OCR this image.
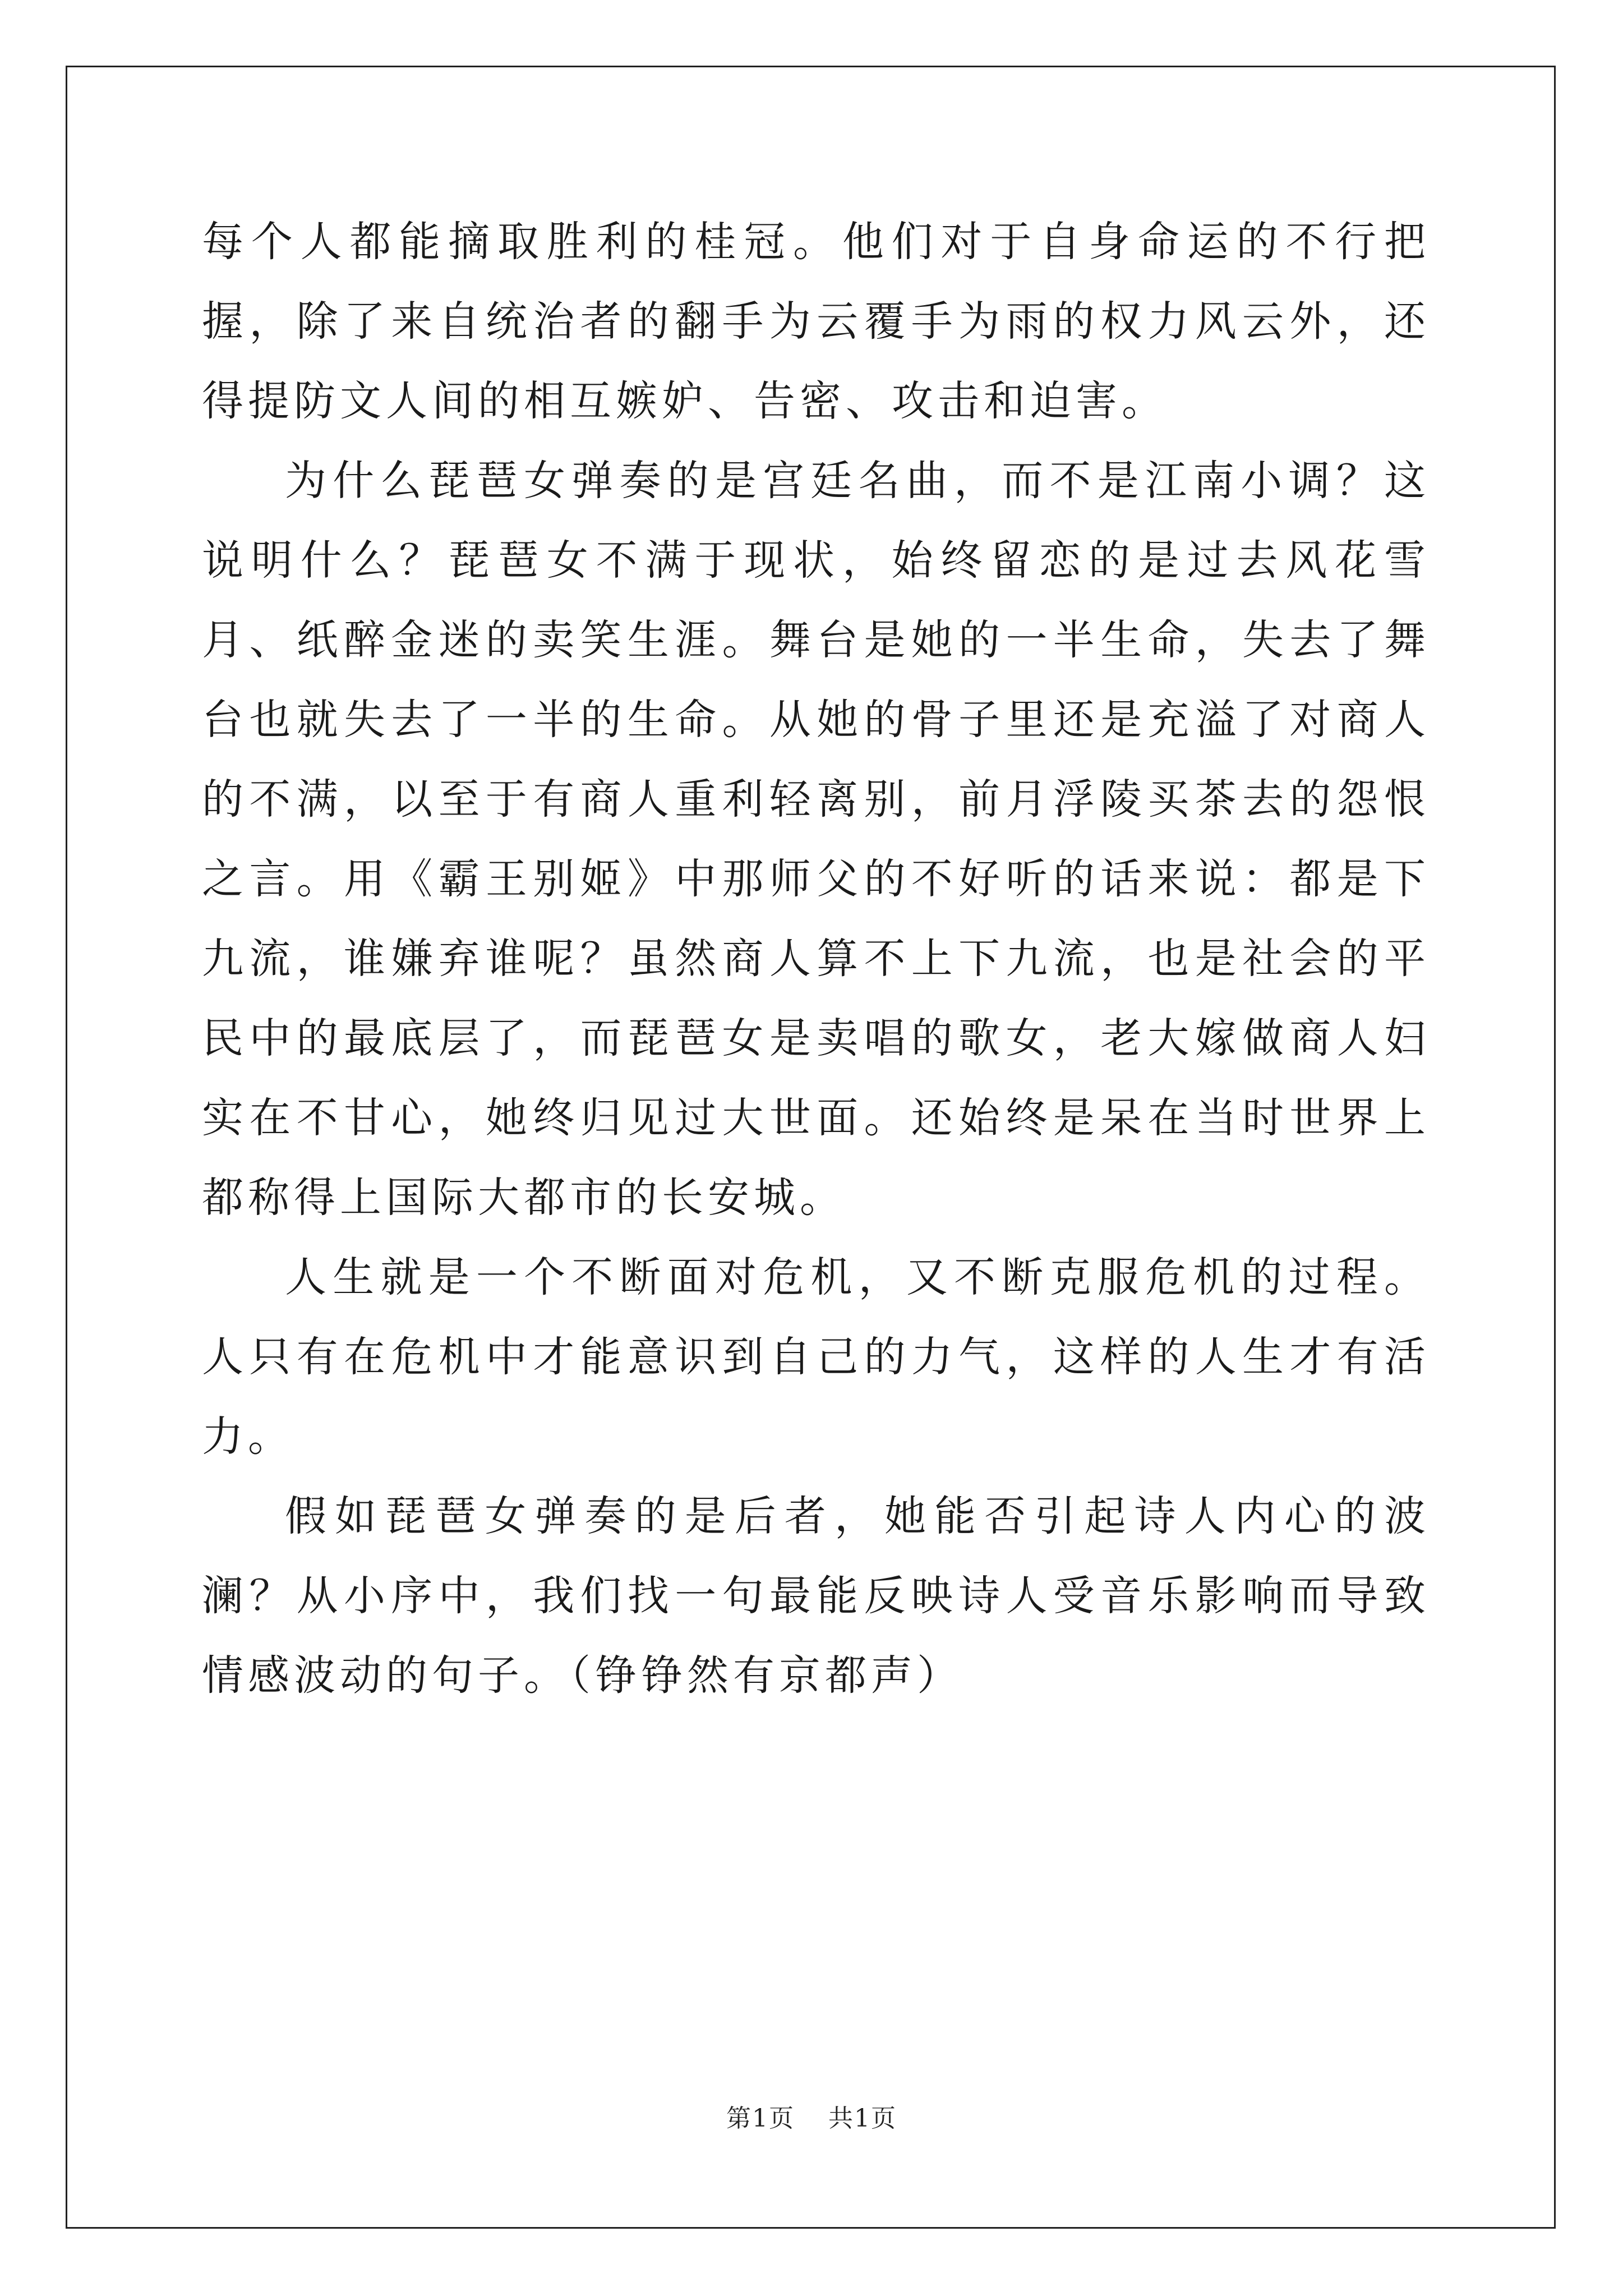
每个人都能摘取胜利的桂冠。他们对于自身命运的不行把握，除了来自统治者的翻手为云覆手为雨的权力风云外，还得提防文人间的相互嫉妒、告密、攻击和迫害。

为什么琵琶女弹奏的是宫廷名曲，而不是江南小调？这说明什么？琵琶女不满于现状，始终留恋的是过去风花雪月、纸醉金迷的卖笑生涯。舞台是她的一半生命，失去了舞台也就失去了一半的生命。从她的骨子里还是充溢了对商人的不满，以至于有商人重利轻离别，前月浮陵买茶去的怨恨之言。用《霸王别姬》中那师父的不好听的话来说：都是下九流，谁嫌弃谁呢？虽然商人算不上下九流，也是社会的平民中的最底层了，而琵琶女是卖唱的歌女，老大嫁做商人妇实在不甘心，她终归见过大世面。还始终是呆在当时世界上都称得上国际大都市的长安城。

人生就是一个不断面对危机，又不断克服危机的过程。人只有在危机中才能意识到自己的力气，这样的人生才有活力。

假如琵琶女弹奏的是后者，她能否引起诗人内心的波澜？从小序中，我们找一句最能反映诗人受音乐影响而导致情感波动的句子。（铮铮然有京都声）

第1页 共1页
